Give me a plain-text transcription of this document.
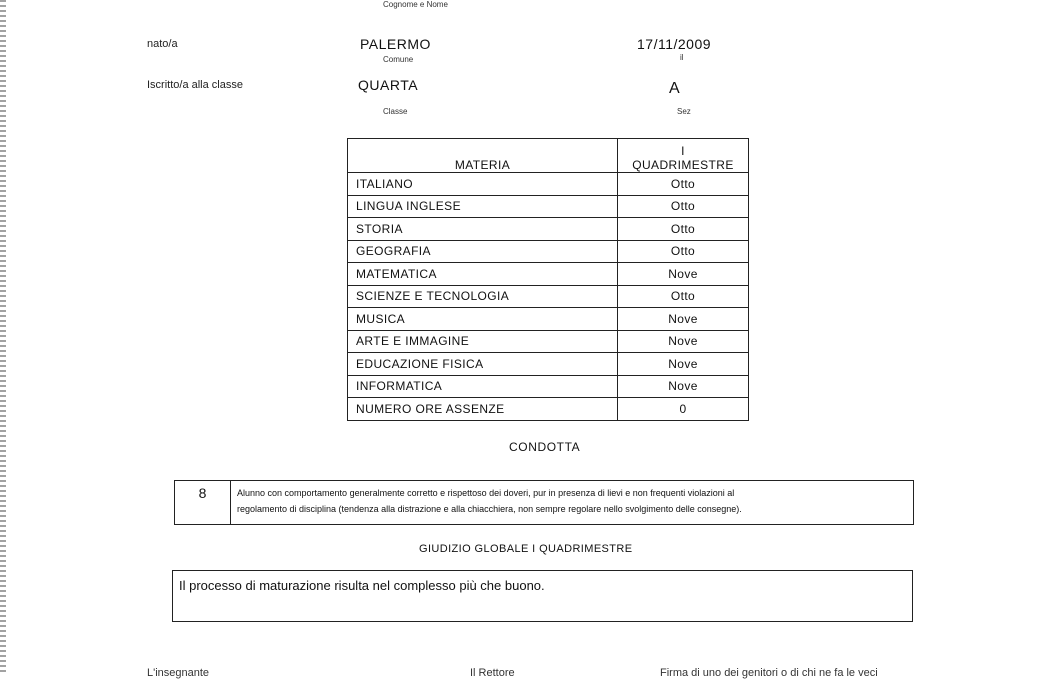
Cognome e Nome
nato/a	PALERMO
Comune
17/11/2009
il
Iscritto/a alla classe	QUARTA
Classe
A
Sez
MATERIA	I
QUADRIMESTRE
ITALIANO	Otto
LINGUA INGLESE	Otto
STORIA	Otto
GEOGRAFIA	Otto
MATEMATICA	Nove
SCIENZE E TECNOLOGIA	Otto
MUSICA	Nove
ARTE E IMMAGINE	Nove
EDUCAZIONE FISICA	Nove
INFORMATICA	Nove
NUMERO ORE ASSENZE	0
CONDOTTA
8	Alunno con comportamento generalmente corretto e rispettoso dei doveri, pur in presenza di lievi e non frequenti violazioni al
regolamento di disciplina (tendenza alla distrazione e alla chiacchiera, non sempre regolare nello svolgimento delle consegne).
GIUDIZIO GLOBALE I QUADRIMESTRE
Il processo di maturazione risulta nel complesso più che buono.
L'insegnante	Il Rettore	Firma di uno dei genitori o di chi ne fa le veci
